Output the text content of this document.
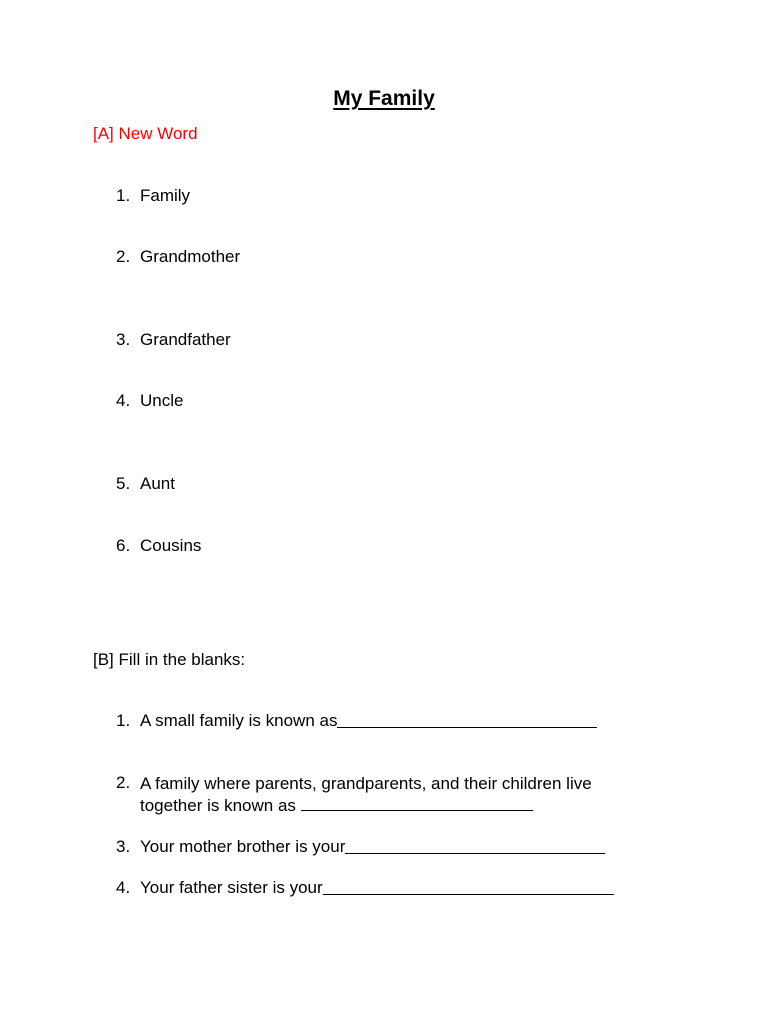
My Family
[A] New Word
1. Family
2. Grandmother
3. Grandfather
4. Uncle
5. Aunt
6. Cousins
[B] Fill in the blanks:
1. A small family is known as
2. A family where parents, grandparents, and their children live
together is known as
3. Your mother brother is your
4. Your father sister is your
